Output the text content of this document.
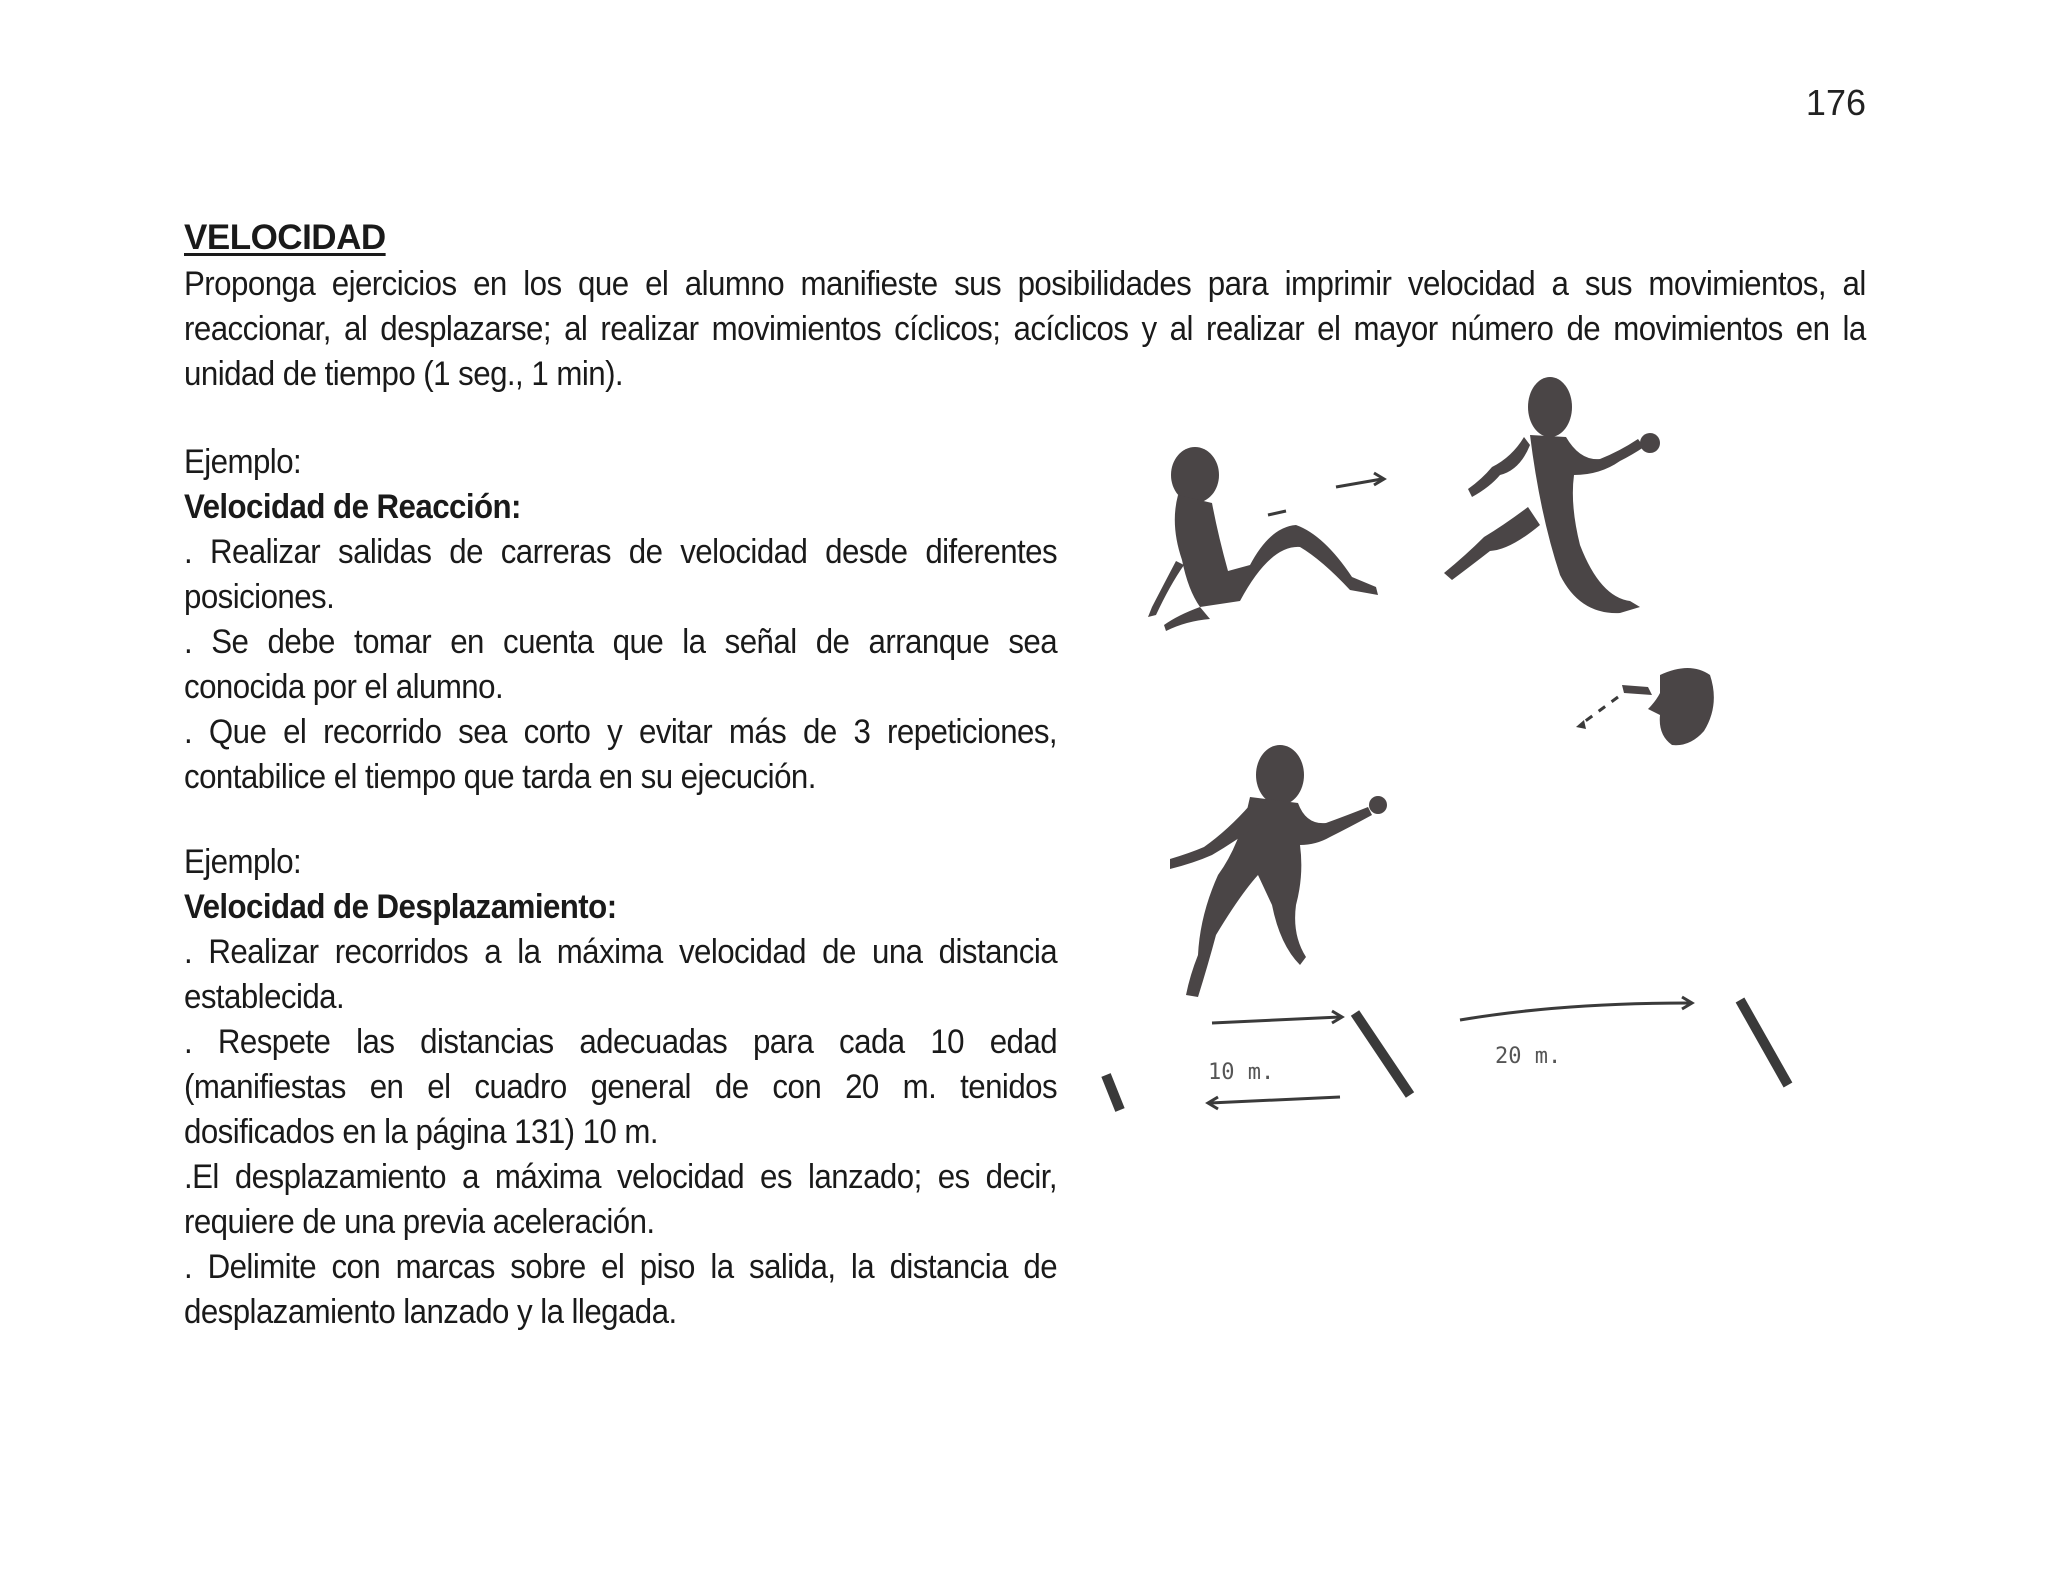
176
VELOCIDAD
Proponga ejercicios en los que el alumno manifieste sus posibilidades para imprimir velocidad a sus movimientos, al reaccionar, al desplazarse; al realizar movimientos cíclicos; acíclicos y al realizar el mayor número de movimientos en la unidad de tiempo (1 seg., 1 min).

Ejemplo:

Velocidad de Reacción:

. Realizar salidas de carreras de velocidad desde diferentes posiciones.

. Se debe tomar en cuenta que la señal de arranque sea conocida por el alumno.

. Que el recorrido sea corto y evitar más de 3 repeticiones, contabilice el tiempo que tarda en su ejecución.

Ejemplo:

Velocidad de Desplazamiento:

. Realizar recorridos a la máxima velocidad de una distancia establecida.

. Respete las distancias adecuadas para cada 10 edad (manifiestas en el cuadro general de con 20 m. tenidos dosificados en la página 131) 10 m.

.El desplazamiento a máxima velocidad es lanzado; es decir, requiere de una previa aceleración.

. Delimite con marcas sobre el piso la salida, la distancia de desplazamiento lanzado y la llegada.

10 m.
20 m.
